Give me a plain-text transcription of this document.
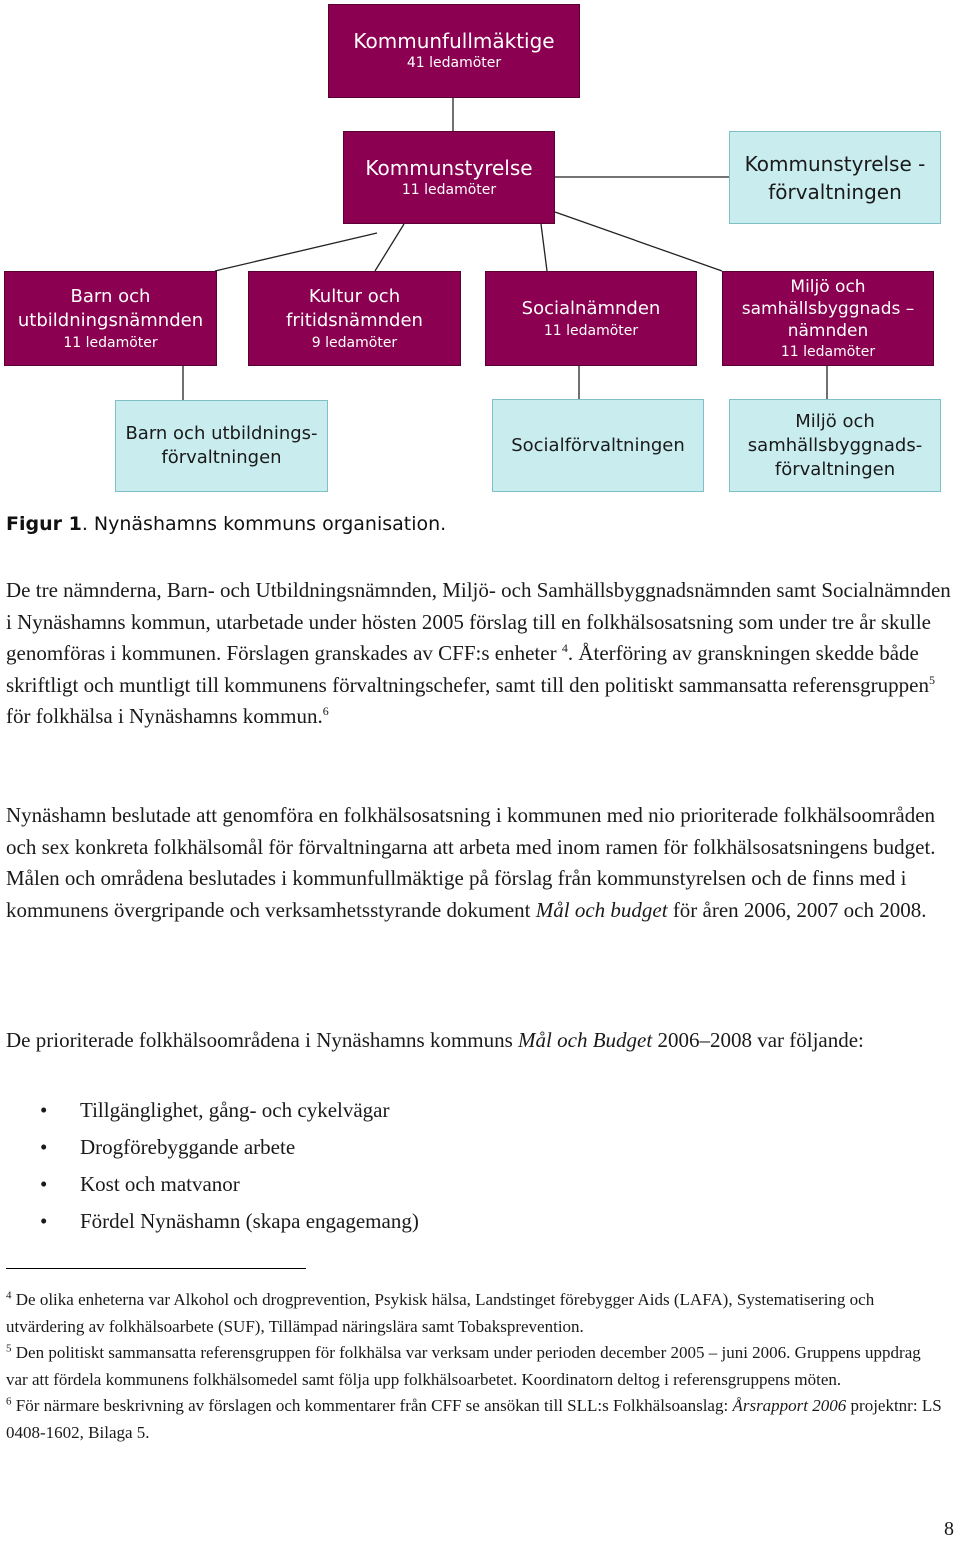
Kommunfullmäktige
41 ledamöter
Kommunstyrelse
11 ledamöter
Kommunstyrelse -
förvaltningen
Barn och
utbildningsnämnden
11 ledamöter
Kultur och
fritidsnämnden
9 ledamöter
Socialnämnden
11 ledamöter
Miljö och
samhällsbyggnads –
nämnden
11 ledamöter
Barn och utbildnings-
förvaltningen
Socialförvaltningen
Miljö och
samhällsbyggnads-
förvaltningen
Figur 1. Nynäshamns kommuns organisation.

De tre nämnderna, Barn- och Utbildningsnämnden, Miljö- och Samhällsbyggnadsnämnden samt Socialnämnden i Nynäshamns kommun, utarbetade under hösten 2005 förslag till en folkhälsosatsning som under tre år skulle genomföras i kommunen. Förslagen granskades av CFF:s enheter $^4$. Återföring av granskningen skedde både skriftligt och muntligt till kommunens förvaltningschefer, samt till den politiskt sammansatta referensgruppen$^5$ för folkhälsa i Nynäshamns kommun.$^6$

Nynäshamn beslutade att genomföra en folkhälsosatsning i kommunen med nio prioriterade folkhälsoområden och sex konkreta folkhälsomål för förvaltningarna att arbeta med inom ramen för folkhälsosatsningens budget. Målen och områdena beslutades i kommunfullmäktige på förslag från kommunstyrelsen och de finns med i kommunens övergripande och verksamhetsstyrande dokument Mål och budget för åren 2006, 2007 och 2008.

De prioriterade folkhälsoområdena i Nynäshamns kommuns Mål och Budget 2006–2008 var följande:

• Tillgänglighet, gång- och cykelvägar
• Drogförebyggande arbete
• Kost och matvanor
• Fördel Nynäshamn (skapa engagemang)

$^4$ De olika enheterna var Alkohol och drogprevention, Psykisk hälsa, Landstinget förebygger Aids (LAFA), Systematisering och utvärdering av folkhälsoarbete (SUF), Tillämpad näringslära samt Tobaksprevention.

$^5$ Den politiskt sammansatta referensgruppen för folkhälsa var verksam under perioden december 2005 – juni 2006. Gruppens uppdrag var att fördela kommunens folkhälsomedel samt följa upp folkhälsoarbetet. Koordinatorn deltog i referensgruppens möten.

$^6$ För närmare beskrivning av förslagen och kommentarer från CFF se ansökan till SLL:s Folkhälsoanslag: Årsrapport 2006 projektnr: LS 0408-1602, Bilaga 5.

8
